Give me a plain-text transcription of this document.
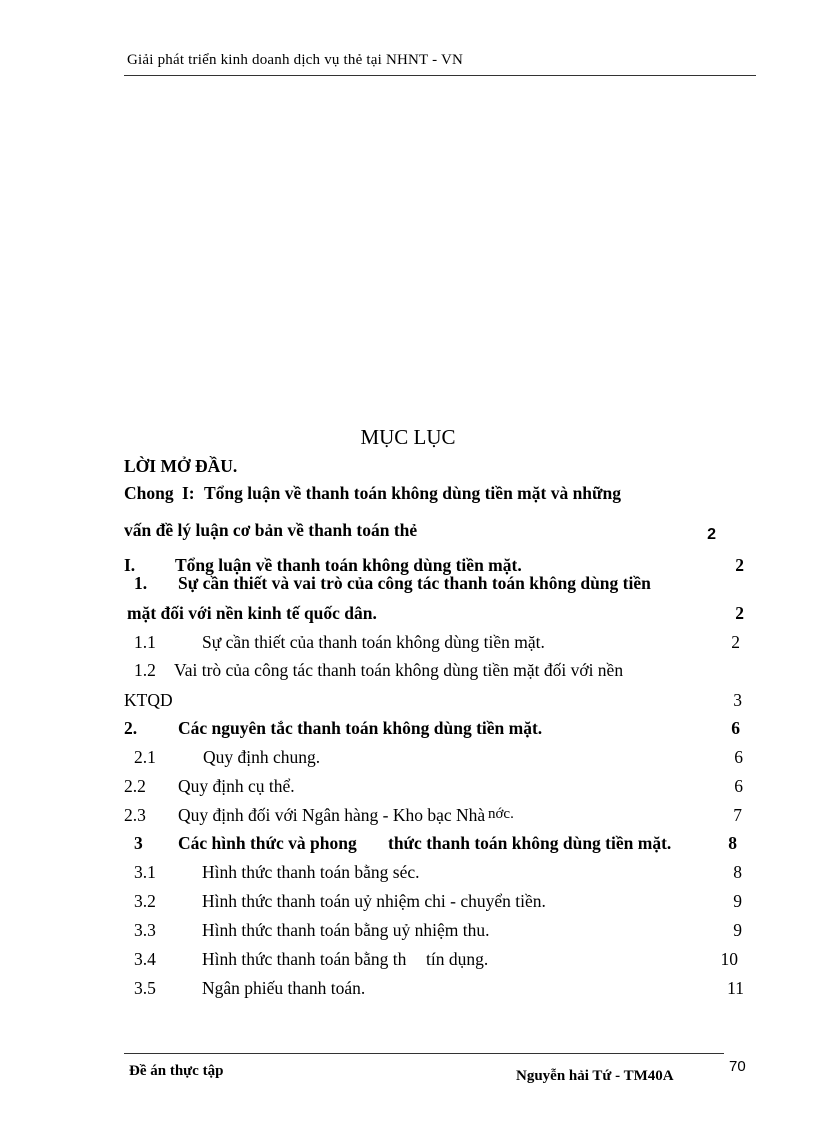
Giải phát triển kinh doanh dịch vụ thẻ tại NHNT - VN
MỤC LỤC
LỜI MỞ ĐẦU.
Chong I: Tổng luận về thanh toán không dùng tiền mặt và những
vấn đề lý luận cơ bản về thanh toán thẻ	2
I. Tổng luận về thanh toán không dùng tiền mặt.	2
1. Sự cần thiết và vai trò của công tác thanh toán không dùng tiền
mặt đối với nền kinh tế quốc dân.	2
1.1	Sự cần thiết của thanh toán không dùng tiền mặt.	2
1.2 Vai trò của công tác thanh toán không dùng tiền mặt đối với nền
KTQD	3
2. Các nguyên tắc thanh toán không dùng tiền mặt.	6
2.1	Quy định chung.	6
2.2 Quy định cụ thể.	6
2.3 Quy định đối với Ngân hàng - Kho bạc Nhà nớc.	7
3 Các hình thức và phong thức thanh toán không dùng tiền mặt.	8
3.1	Hình thức thanh toán bằng séc.	8
3.2	Hình thức thanh toán uỷ nhiệm chi - chuyển tiền.	9
3.3	Hình thức thanh toán bằng uỷ nhiệm thu.	9
3.4	Hình thức thanh toán bằng th tín dụng.	10
3.5	Ngân phiếu thanh toán.	11
Đề án thực tập	Nguyễn hải Tứ - TM40A
70
